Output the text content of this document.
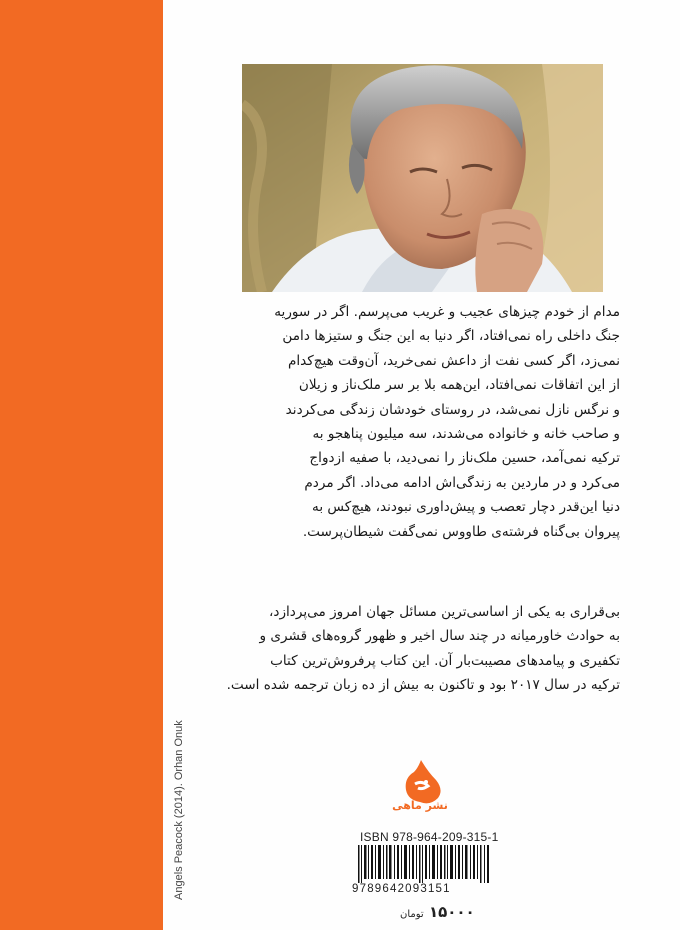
Angels Peacock (2014). Orhan Onuk

مدام از خودم چیزهای عجیب و غریب می‌پرسم. اگر در سوریه

جنگ داخلی راه نمی‌افتاد، اگر دنیا به این جنگ و ستیزها دامن

نمی‌زد، اگر کسی نفت از داعش نمی‌خرید، آن‌وقت هیچ‌کدام

از این اتفاقات نمی‌افتاد، این‌همه بلا بر سر ملک‌ناز و زیلان

و نرگس نازل نمی‌شد، در روستای خودشان زندگی می‌کردند

و صاحب خانه و خانواده می‌شدند، سه میلیون پناهجو به

ترکیه نمی‌آمد، حسین ملک‌ناز را نمی‌دید، با صفیه ازدواج

می‌کرد و در ماردین به زندگی‌اش ادامه می‌داد. اگر مردم

دنیا این‌قدر دچار تعصب و پیش‌داوری نبودند، هیچ‌کس به

پیروان بی‌گناه فرشته‌ی طاووس نمی‌گفت شیطان‌پرست.

بی‌قراری به یکی از اساسی‌ترین مسائل جهان امروز می‌پردازد،

به حوادث خاورمیانه در چند سال اخیر و ظهور گروه‌های قشری و

تکفیری و پیامدهای مصیبت‌بار آن. این کتاب پرفروش‌ترین کتاب

ترکیه در سال ۲۰۱۷ بود و تاکنون به بیش از ده زبان ترجمه شده است.

نشر ماهی
ISBN 978-964-209-315-1
9789642093151
۱۵۰۰۰ تومان
